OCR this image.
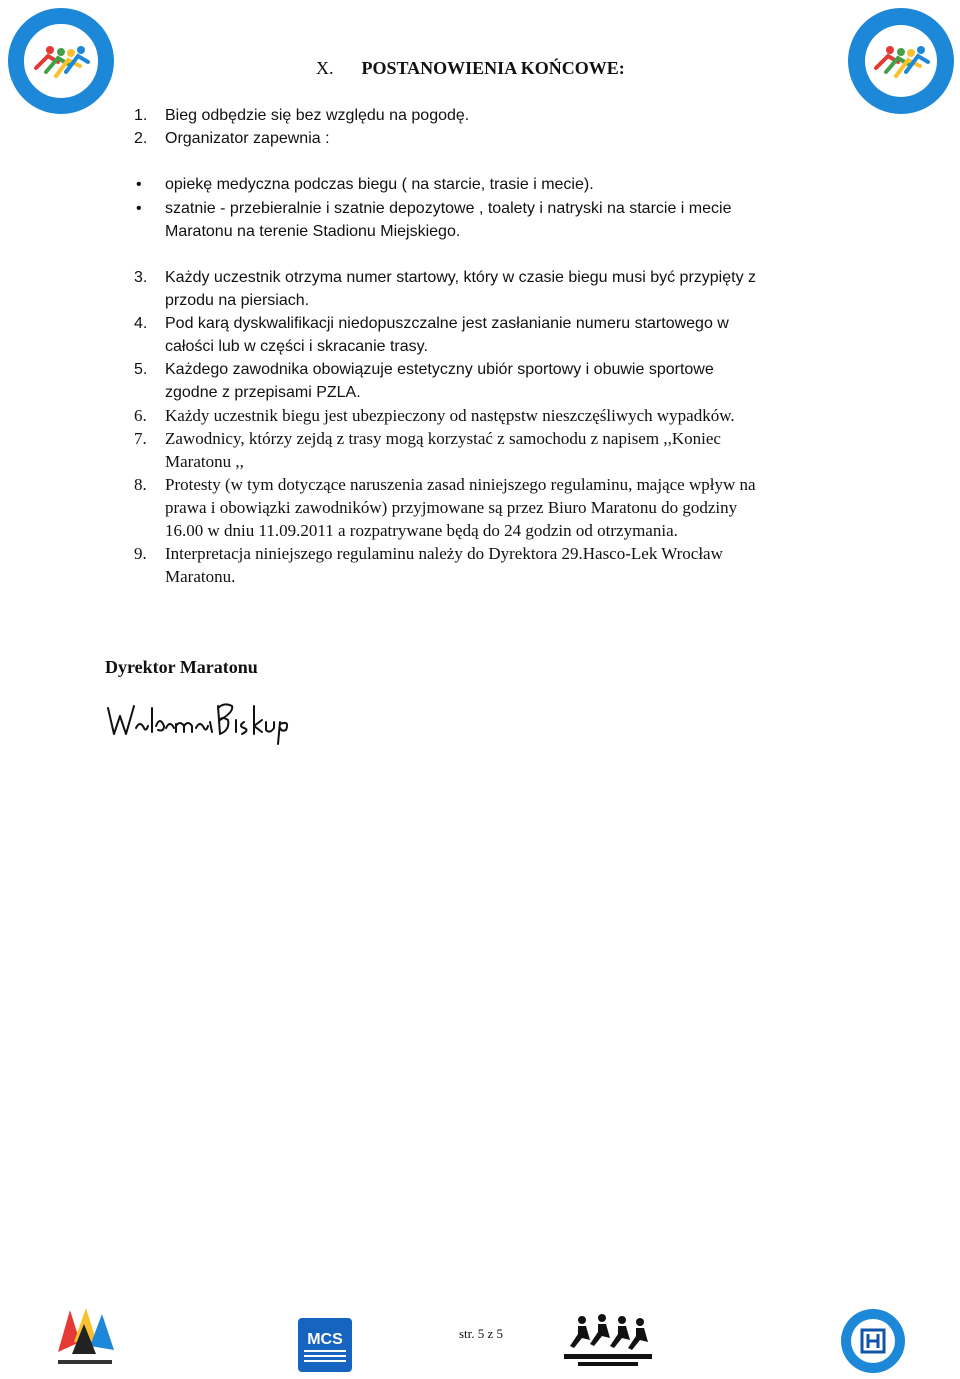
X. POSTANOWIENIA KOŃCOWE:
1. Bieg odbędzie się bez względu na pogodę.
2. Organizator zapewnia :
• opiekę medyczna podczas biegu ( na starcie, trasie i mecie).
• szatnie - przebieralnie i szatnie depozytowe , toalety i natryski na starcie i mecie
Maratonu na terenie Stadionu Miejskiego.
3. Każdy uczestnik otrzyma numer startowy, który w czasie biegu musi być przypięty z
przodu na piersiach.
4. Pod karą dyskwalifikacji niedopuszczalne jest zasłanianie numeru startowego w
całości lub w części i skracanie trasy.
5. Każdego zawodnika obowiązuje estetyczny ubiór sportowy i obuwie sportowe
zgodne z przepisami PZLA.
6. Każdy uczestnik biegu jest ubezpieczony od następstw nieszczęśliwych wypadków.
7. Zawodnicy, którzy zejdą z trasy mogą korzystać z samochodu z napisem ,,Koniec
Maratonu ,,
8. Protesty (w tym dotyczące naruszenia zasad niniejszego regulaminu, mające wpływ na
prawa i obowiązki zawodników) przyjmowane są przez Biuro Maratonu do godziny
16.00 w dniu 11.09.2011 a rozpatrywane będą do 24 godzin od otrzymania.
9. Interpretacja niniejszego regulaminu należy do Dyrektora 29.Hasco-Lek Wrocław
Maratonu.
Dyrektor Maratonu
MCS	str. 5 z 5
